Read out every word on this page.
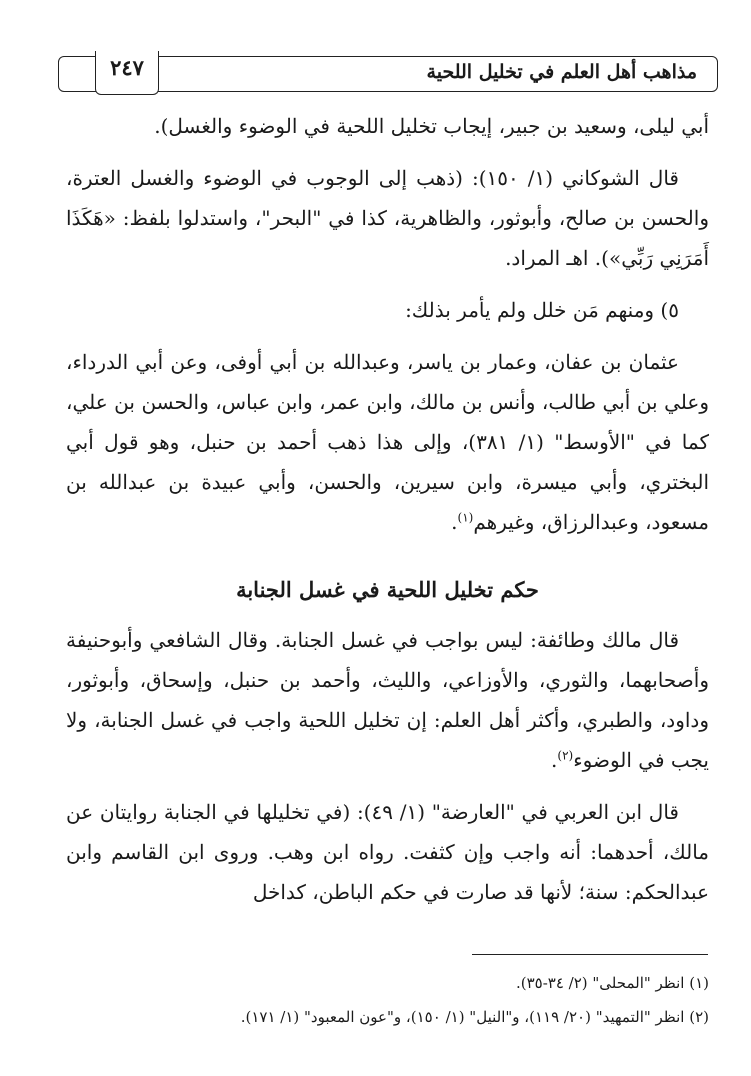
مذاهب أهل العلم في تخليل اللحية
٢٤٧

أبي ليلى، وسعيد بن جبير، إيجاب تخليل اللحية في الوضوء والغسل).

قال الشوكاني (١/ ١٥٠): (ذهب إلى الوجوب في الوضوء والغسل العترة، والحسن بن صالح، وأبوثور، والظاهرية، كذا في "البحر"، واستدلوا بلفظ: «هَكَذَا أَمَرَنِي رَبِّي»). اهـ المراد.

٥) ومنهم مَن خلل ولم يأمر بذلك:

عثمان بن عفان، وعمار بن ياسر، وعبدالله بن أبي أوفى، وعن أبي الدرداء، وعلي بن أبي طالب، وأنس بن مالك، وابن عمر، وابن عباس، والحسن بن علي، كما في "الأوسط" (١/ ٣٨١)، وإلى هذا ذهب أحمد بن حنبل، وهو قول أبي البختري، وأبي ميسرة، وابن سيرين، والحسن، وأبي عبيدة بن عبدالله بن مسعود، وعبدالرزاق، وغيرهم$^{(١)}$.

حكم تخليل اللحية في غسل الجنابة

قال مالك وطائفة: ليس بواجب في غسل الجنابة. وقال الشافعي وأبوحنيفة وأصحابهما، والثوري، والأوزاعي، والليث، وأحمد بن حنبل، وإسحاق، وأبوثور، وداود، والطبري، وأكثر أهل العلم: إن تخليل اللحية واجب في غسل الجنابة، ولا يجب في الوضوء$^{(٢)}$.

قال ابن العربي في "العارضة" (١/ ٤٩): (في تخليلها في الجنابة روايتان عن مالك، أحدهما: أنه واجب وإن كثفت. رواه ابن وهب. وروى ابن القاسم وابن عبدالحكم: سنة؛ لأنها قد صارت في حكم الباطن، كداخل

(١) انظر "المحلى" (٢/ ٣٤-٣٥).

(٢) انظر "التمهيد" (٢٠/ ١١٩)، و"النيل" (١/ ١٥٠)، و"عون المعبود" (١/ ١٧١).
